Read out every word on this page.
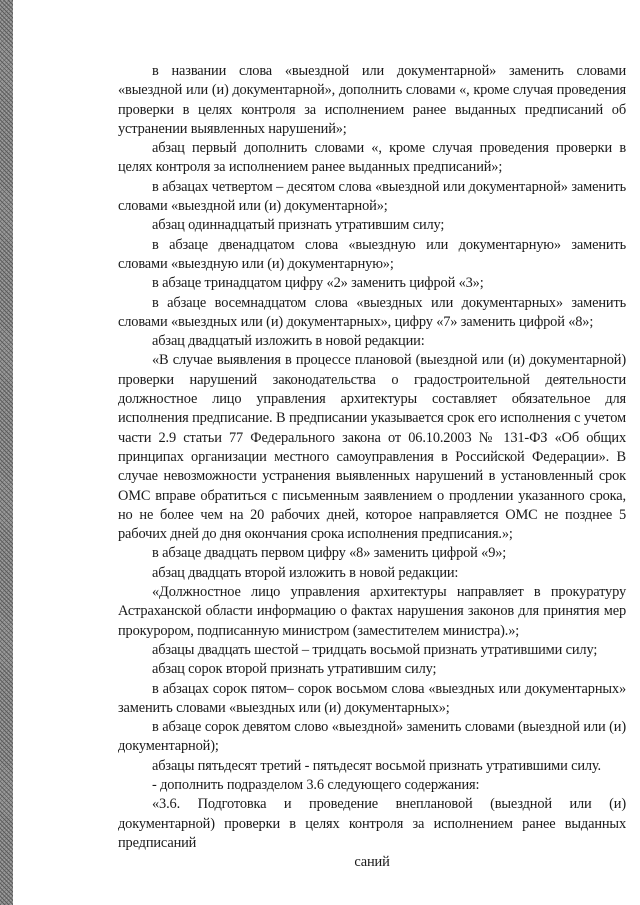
в названии слова «выездной или документарной» заменить словами «выездной или (и) документарной», дополнить словами «, кроме случая проведения проверки в целях контроля за исполнением ранее выданных предписаний об устранении выявленных нарушений»;

абзац первый дополнить словами «, кроме случая проведения проверки в целях контроля за исполнением ранее выданных предписаний»;

в абзацах четвертом – десятом слова «выездной или документарной» заменить словами «выездной или (и) документарной»;

абзац одиннадцатый признать утратившим силу;

в абзаце двенадцатом слова «выездную или документарную» заменить словами «выездную или (и) документарную»;

в абзаце тринадцатом цифру «2» заменить цифрой «3»;

в абзаце восемнадцатом слова «выездных или документарных» заменить словами «выездных или (и) документарных», цифру «7» заменить цифрой «8»;

абзац двадцатый изложить в новой редакции:

«В случае выявления в процессе плановой (выездной или (и) документарной) проверки нарушений законодательства о градостроительной деятельности должностное лицо управления архитектуры составляет обязательное для исполнения предписание. В предписании указывается срок его исполнения с учетом части 2.9 статьи 77 Федерального закона от 06.10.2003 № 131-ФЗ «Об общих принципах организации местного самоуправления в Российской Федерации». В случае невозможности устранения выявленных нарушений в установленный срок ОМС вправе обратиться с письменным заявлением о продлении указанного срока, но не более чем на 20 рабочих дней, которое направляется ОМС не позднее 5 рабочих дней до дня окончания срока исполнения предписания.»;

в абзаце двадцать первом цифру «8» заменить цифрой «9»;

абзац двадцать второй изложить в новой редакции:

«Должностное лицо управления архитектуры направляет в прокуратуру Астраханской области информацию о фактах нарушения законов для принятия мер прокурором, подписанную министром (заместителем министра).»;

абзацы двадцать шестой – тридцать восьмой признать утратившими силу;

абзац сорок второй признать утратившим силу;

в абзацах сорок пятом– сорок восьмом слова «выездных или документарных» заменить словами «выездных или (и) документарных»;

в абзаце сорок девятом слово «выездной» заменить словами (выездной или (и) документарной);

абзацы пятьдесят третий - пятьдесят восьмой признать утратившими силу.

- дополнить подразделом 3.6 следующего содержания:

«3.6. Подготовка и проведение внеплановой (выездной или (и) документарной) проверки в целях контроля за исполнением ранее выданных предписаний

саний
